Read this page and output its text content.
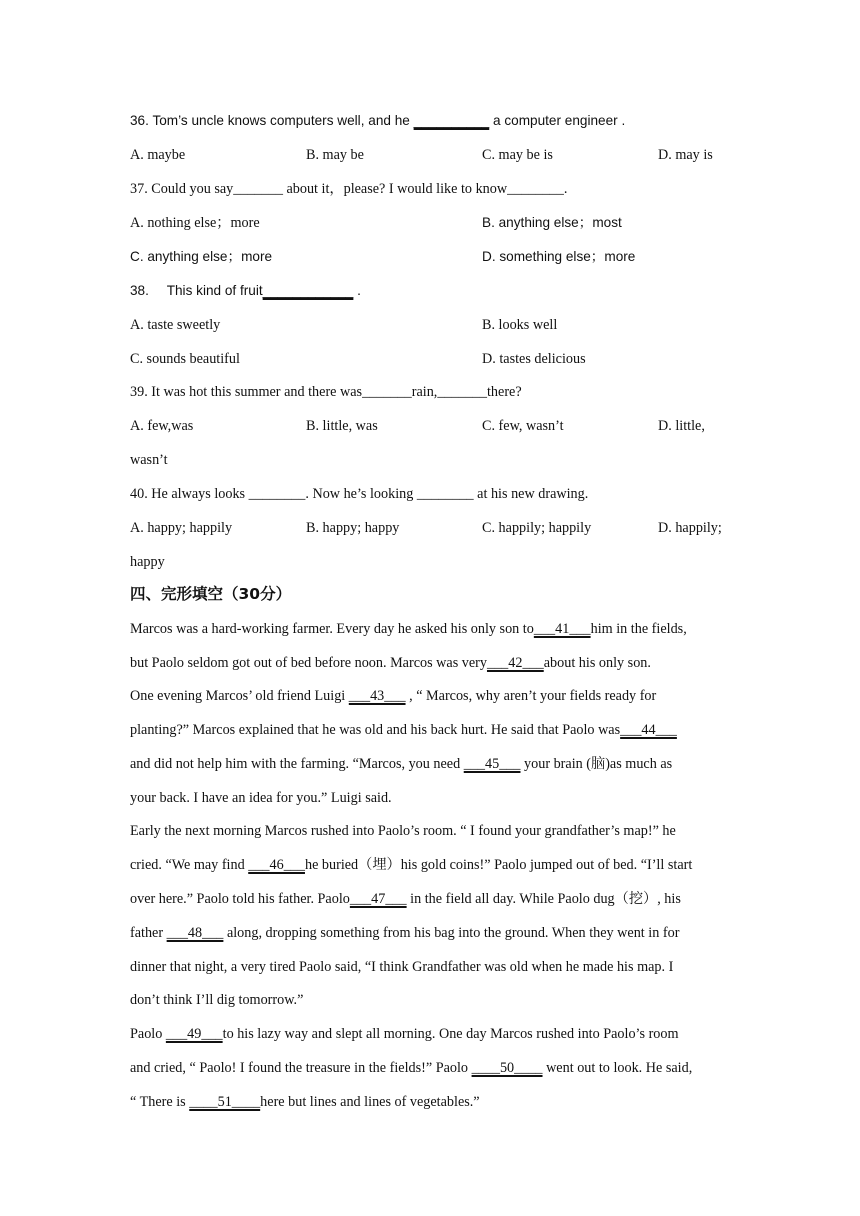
36. Tom’s uncle knows computers well, and he __________ a computer engineer .
A. maybe	B. may be	C. may be is	D. may is
37. Could you say_______ about it，please? I would like to know________.
A. nothing else；more	B. anything else；most
C. anything else；more	D. something else；more
38. This kind of fruit____________ .
A. taste sweetly	B. looks well
C. sounds beautiful	D. tastes delicious
39. It was hot this summer and there was_______rain,_______there?
A. few,was	B. little, was	C. few, wasn’t	D. little,
wasn’t
40. He always looks ________. Now he’s looking ________ at his new drawing.
A. happy; happily	B. happy; happy	C. happily; happily	D. happily;
happy
四、完形填空（30分）
Marcos was a hard-working farmer. Every day he asked his only son to___41___him in the fields,
but Paolo seldom got out of bed before noon. Marcos was very___42___about his only son.
One evening Marcos’ old friend Luigi ___43___ , “ Marcos, why aren’t your fields ready for
planting?” Marcos explained that he was old and his back hurt. He said that Paolo was___44___
and did not help him with the farming. “Marcos, you need ___45___ your brain (脑)as much as
your back. I have an idea for you.” Luigi said.
Early the next morning Marcos rushed into Paolo’s room. “ I found your grandfather’s map!” he
cried. “We may find ___46___he buried（埋）his gold coins!” Paolo jumped out of bed. “I’ll start
over here.” Paolo told his father. Paolo___47___ in the field all day. While Paolo dug（挖）, his
father ___48___ along, dropping something from his bag into the ground. When they went in for
dinner that night, a very tired Paolo said, “I think Grandfather was old when he made his map. I
don’t think I’ll dig tomorrow.”
Paolo ___49___to his lazy way and slept all morning. One day Marcos rushed into Paolo’s room
and cried, “ Paolo! I found the treasure in the fields!” Paolo ____50____ went out to look. He said,
“ There is ____51____here but lines and lines of vegetables.”
